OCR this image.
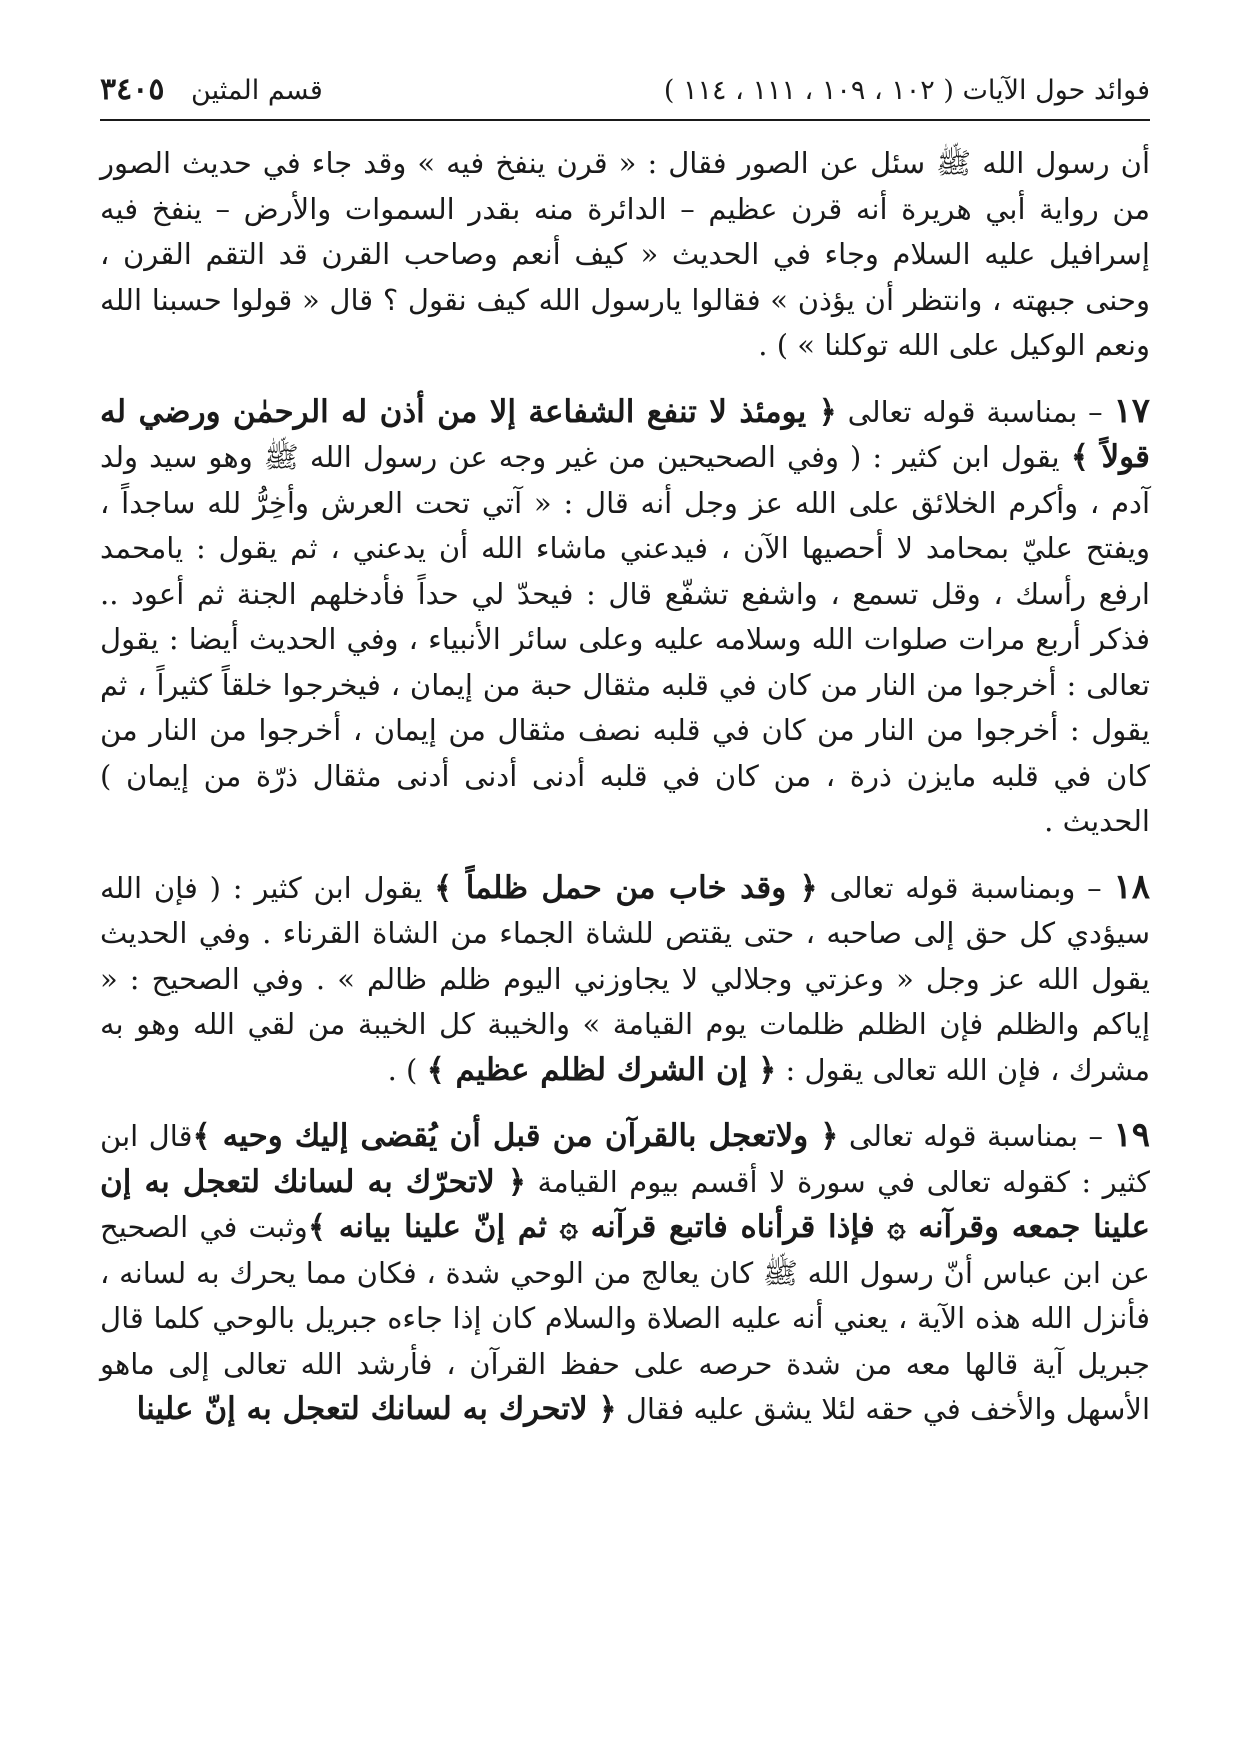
فوائد حول الآيات ( ١٠٢ ، ١٠٩ ، ١١١ ، ١١٤ )
قسم المثين ٣٤٠٥

أن رسول الله ﷺ سئل عن الصور فقال : « قرن ينفخ فيه » وقد جاء في حديث الصور من رواية أبي هريرة أنه قرن عظيم – الدائرة منه بقدر السموات والأرض – ينفخ فيه إسرافيل عليه السلام وجاء في الحديث « كيف أنعم وصاحب القرن قد التقم القرن ، وحنى جبهته ، وانتظر أن يؤذن » فقالوا يارسول الله كيف نقول ؟ قال « قولوا حسبنا الله ونعم الوكيل على الله توكلنا » ) .

١٧ – بمناسبة قوله تعالى ﴿ يومئذ لا تنفع الشفاعة إلا من أذن له الرحمٰن ورضي له قولاً ﴾ يقول ابن كثير : ( وفي الصحيحين من غير وجه عن رسول الله ﷺ وهو سيد ولد آدم ، وأكرم الخلائق على الله عز وجل أنه قال : « آتي تحت العرش وأخِرُّ لله ساجداً ، ويفتح عليّ بمحامد لا أحصيها الآن ، فيدعني ماشاء الله أن يدعني ، ثم يقول : يامحمد ارفع رأسك ، وقل تسمع ، واشفع تشفّع قال : فيحدّ لي حداً فأدخلهم الجنة ثم أعود .. فذكر أربع مرات صلوات الله وسلامه عليه وعلى سائر الأنبياء ، وفي الحديث أيضا : يقول تعالى : أخرجوا من النار من كان في قلبه مثقال حبة من إيمان ، فيخرجوا خلقاً كثيراً ، ثم يقول : أخرجوا من النار من كان في قلبه نصف مثقال من إيمان ، أخرجوا من النار من كان في قلبه مايزن ذرة ، من كان في قلبه أدنى أدنى أدنى مثقال ذرّة من إيمان ) الحديث .

١٨ – وبمناسبة قوله تعالى ﴿ وقد خاب من حمل ظلماً ﴾ يقول ابن كثير : ( فإن الله سيؤدي كل حق إلى صاحبه ، حتى يقتص للشاة الجماء من الشاة القرناء . وفي الحديث يقول الله عز وجل « وعزتي وجلالي لا يجاوزني اليوم ظلم ظالم » . وفي الصحيح : « إياكم والظلم فإن الظلم ظلمات يوم القيامة » والخيبة كل الخيبة من لقي الله وهو به مشرك ، فإن الله تعالى يقول : ﴿ إن الشرك لظلم عظيم ﴾ ) .

١٩ – بمناسبة قوله تعالى ﴿ ولاتعجل بالقرآن من قبل أن يُقضى إليك وحيه ﴾قال ابن كثير : كقوله تعالى في سورة لا أقسم بيوم القيامة ﴿ لاتحرّك به لسانك لتعجل به إن علينا جمعه وقرآنه ۞ فإذا قرأناه فاتبع قرآنه ۞ ثم إنّ علينا بيانه ﴾وثبت في الصحيح عن ابن عباس أنّ رسول الله ﷺ كان يعالج من الوحي شدة ، فكان مما يحرك به لسانه ، فأنزل الله هذه الآية ، يعني أنه عليه الصلاة والسلام كان إذا جاءه جبريل بالوحي كلما قال جبريل آية قالها معه من شدة حرصه على حفظ القرآن ، فأرشد الله تعالى إلى ماهو الأسهل والأخف في حقه لئلا يشق عليه فقال ﴿ لاتحرك به لسانك لتعجل به إنّ علينا
